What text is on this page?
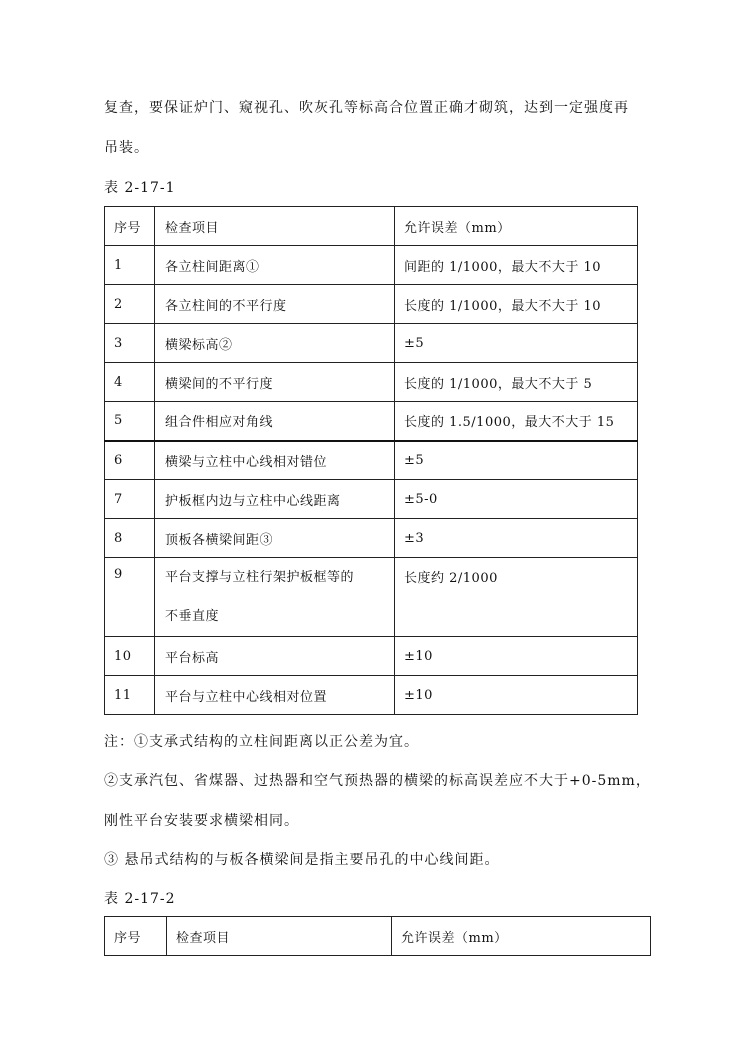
复查，要保证炉门、窥视孔、吹灰孔等标高合位置正确才砌筑，达到一定强度再
吊装。
表 2-17-1
序号	检查项目	允许误差（mm）
1	各立柱间距离①	间距的 1/1000，最大不大于 10
2	各立柱间的不平行度	长度的 1/1000，最大不大于 10
3	横梁标高②	±5
4	横梁间的不平行度	长度的 1/1000，最大不大于 5
5	组合件相应对角线	长度的 1.5/1000，最大不大于 15
6	横梁与立柱中心线相对错位	±5
7	护板框内边与立柱中心线距离	±5-0
8	顶板各横梁间距③	±3
9	平台支撑与立柱行架护板框等的
不垂直度	长度约 2/1000
10	平台标高	±10
11	平台与立柱中心线相对位置	±10
注：①支承式结构的立柱间距离以正公差为宜。
②支承汽包、省煤器、过热器和空气预热器的横梁的标高误差应不大于+0-5mm，
刚性平台安装要求横梁相同。
③ 悬吊式结构的与板各横梁间是指主要吊孔的中心线间距。
表 2-17-2
序号	检查项目	允许误差（mm）
